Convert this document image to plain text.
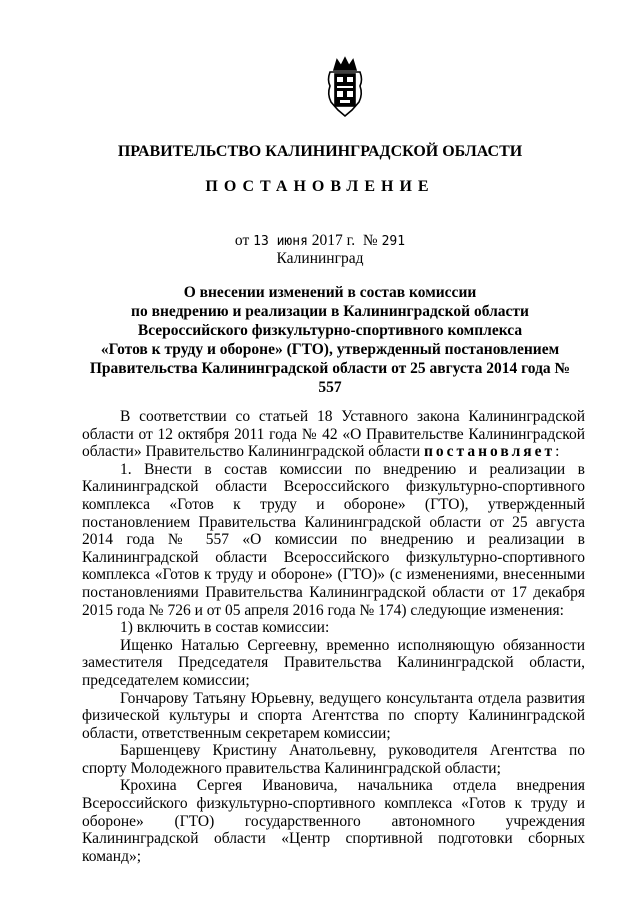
ПРАВИТЕЛЬСТВО КАЛИНИНГРАДСКОЙ ОБЛАСТИ
ПОСТАНОВЛЕНИЕ
от 13 июня 2017 г. № 291
Калининград
О внесении изменений в состав комиссии
по внедрению и реализации в Калининградской области
Всероссийского физкультурно-спортивного комплекса
«Готов к труду и обороне» (ГТО), утвержденный постановлением
Правительства Калининградской области от 25 августа 2014 года № 557

В соответствии со статьей 18 Уставного закона Калининградской области от 12 октября 2011 года № 42 «О Правительстве Калининградской области» Правительство Калининградской области постановляет:

1. Внести в состав комиссии по внедрению и реализации в Калининградской области Всероссийского физкультурно-спортивного комплекса «Готов к труду и обороне» (ГТО), утвержденный постановлением Правительства Калининградской области от 25 августа 2014 года № 557 «О комиссии по внедрению и реализации в Калининградской области Всероссийского физкультурно-спортивного комплекса «Готов к труду и обороне» (ГТО)» (с изменениями, внесенными постановлениями Правительства Калининградской области от 17 декабря 2015 года № 726 и от 05 апреля 2016 года № 174) следующие изменения:

1) включить в состав комиссии:

Ищенко Наталью Сергеевну, временно исполняющую обязанности заместителя Председателя Правительства Калининградской области, председателем комиссии;

Гончарову Татьяну Юрьевну, ведущего консультанта отдела развития физической культуры и спорта Агентства по спорту Калининградской области, ответственным секретарем комиссии;

Баршенцеву Кристину Анатольевну, руководителя Агентства по спорту Молодежного правительства Калининградской области;

Крохина Сергея Ивановича, начальника отдела внедрения Всероссийского физкультурно-спортивного комплекса «Готов к труду и обороне» (ГТО) государственного автономного учреждения Калининградской области «Центр спортивной подготовки сборных команд»;
